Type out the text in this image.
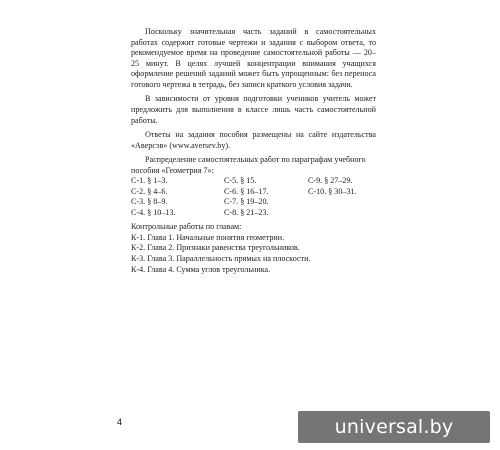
Поскольку значительная часть заданий в самостоятельных работах содержит готовые чертежи и задания с выбором ответа, то рекомендуемое время на проведение самостоятельной работы — 20–25 минут. В целях лучшей концентрации внимания учащихся оформление решений заданий может быть упрощенным: без переноса готового чертежа в тетрадь, без записи краткого условия задачи.

В зависимости от уровня подготовки учеников учитель может предложить для выполнения в классе лишь часть самостоятельной работы.

Ответы на задания пособия размещены на сайте издательства «Аверсэв» (www.aversev.by).

Распределение самостоятельных работ по параграфам учебного пособия «Геометрия 7»:

С-1. § 1–3.	С-5. § 15.	С-9. § 27–29.
С-2. § 4–6.	С-6. § 16–17.	С-10. § 30–31.
С-3. § 8–9.	С-7. § 19–20.
С-4. § 10–13.	С-8. § 21–23.

Контрольные работы по главам:

К-1. Глава 1. Начальные понятия геометрии.

К-2. Глава 2. Признаки равенства треугольников.

К-3. Глава 3. Параллельность прямых на плоскости.

К-4. Глава 4. Сумма углов треугольника.

4	universal.by
